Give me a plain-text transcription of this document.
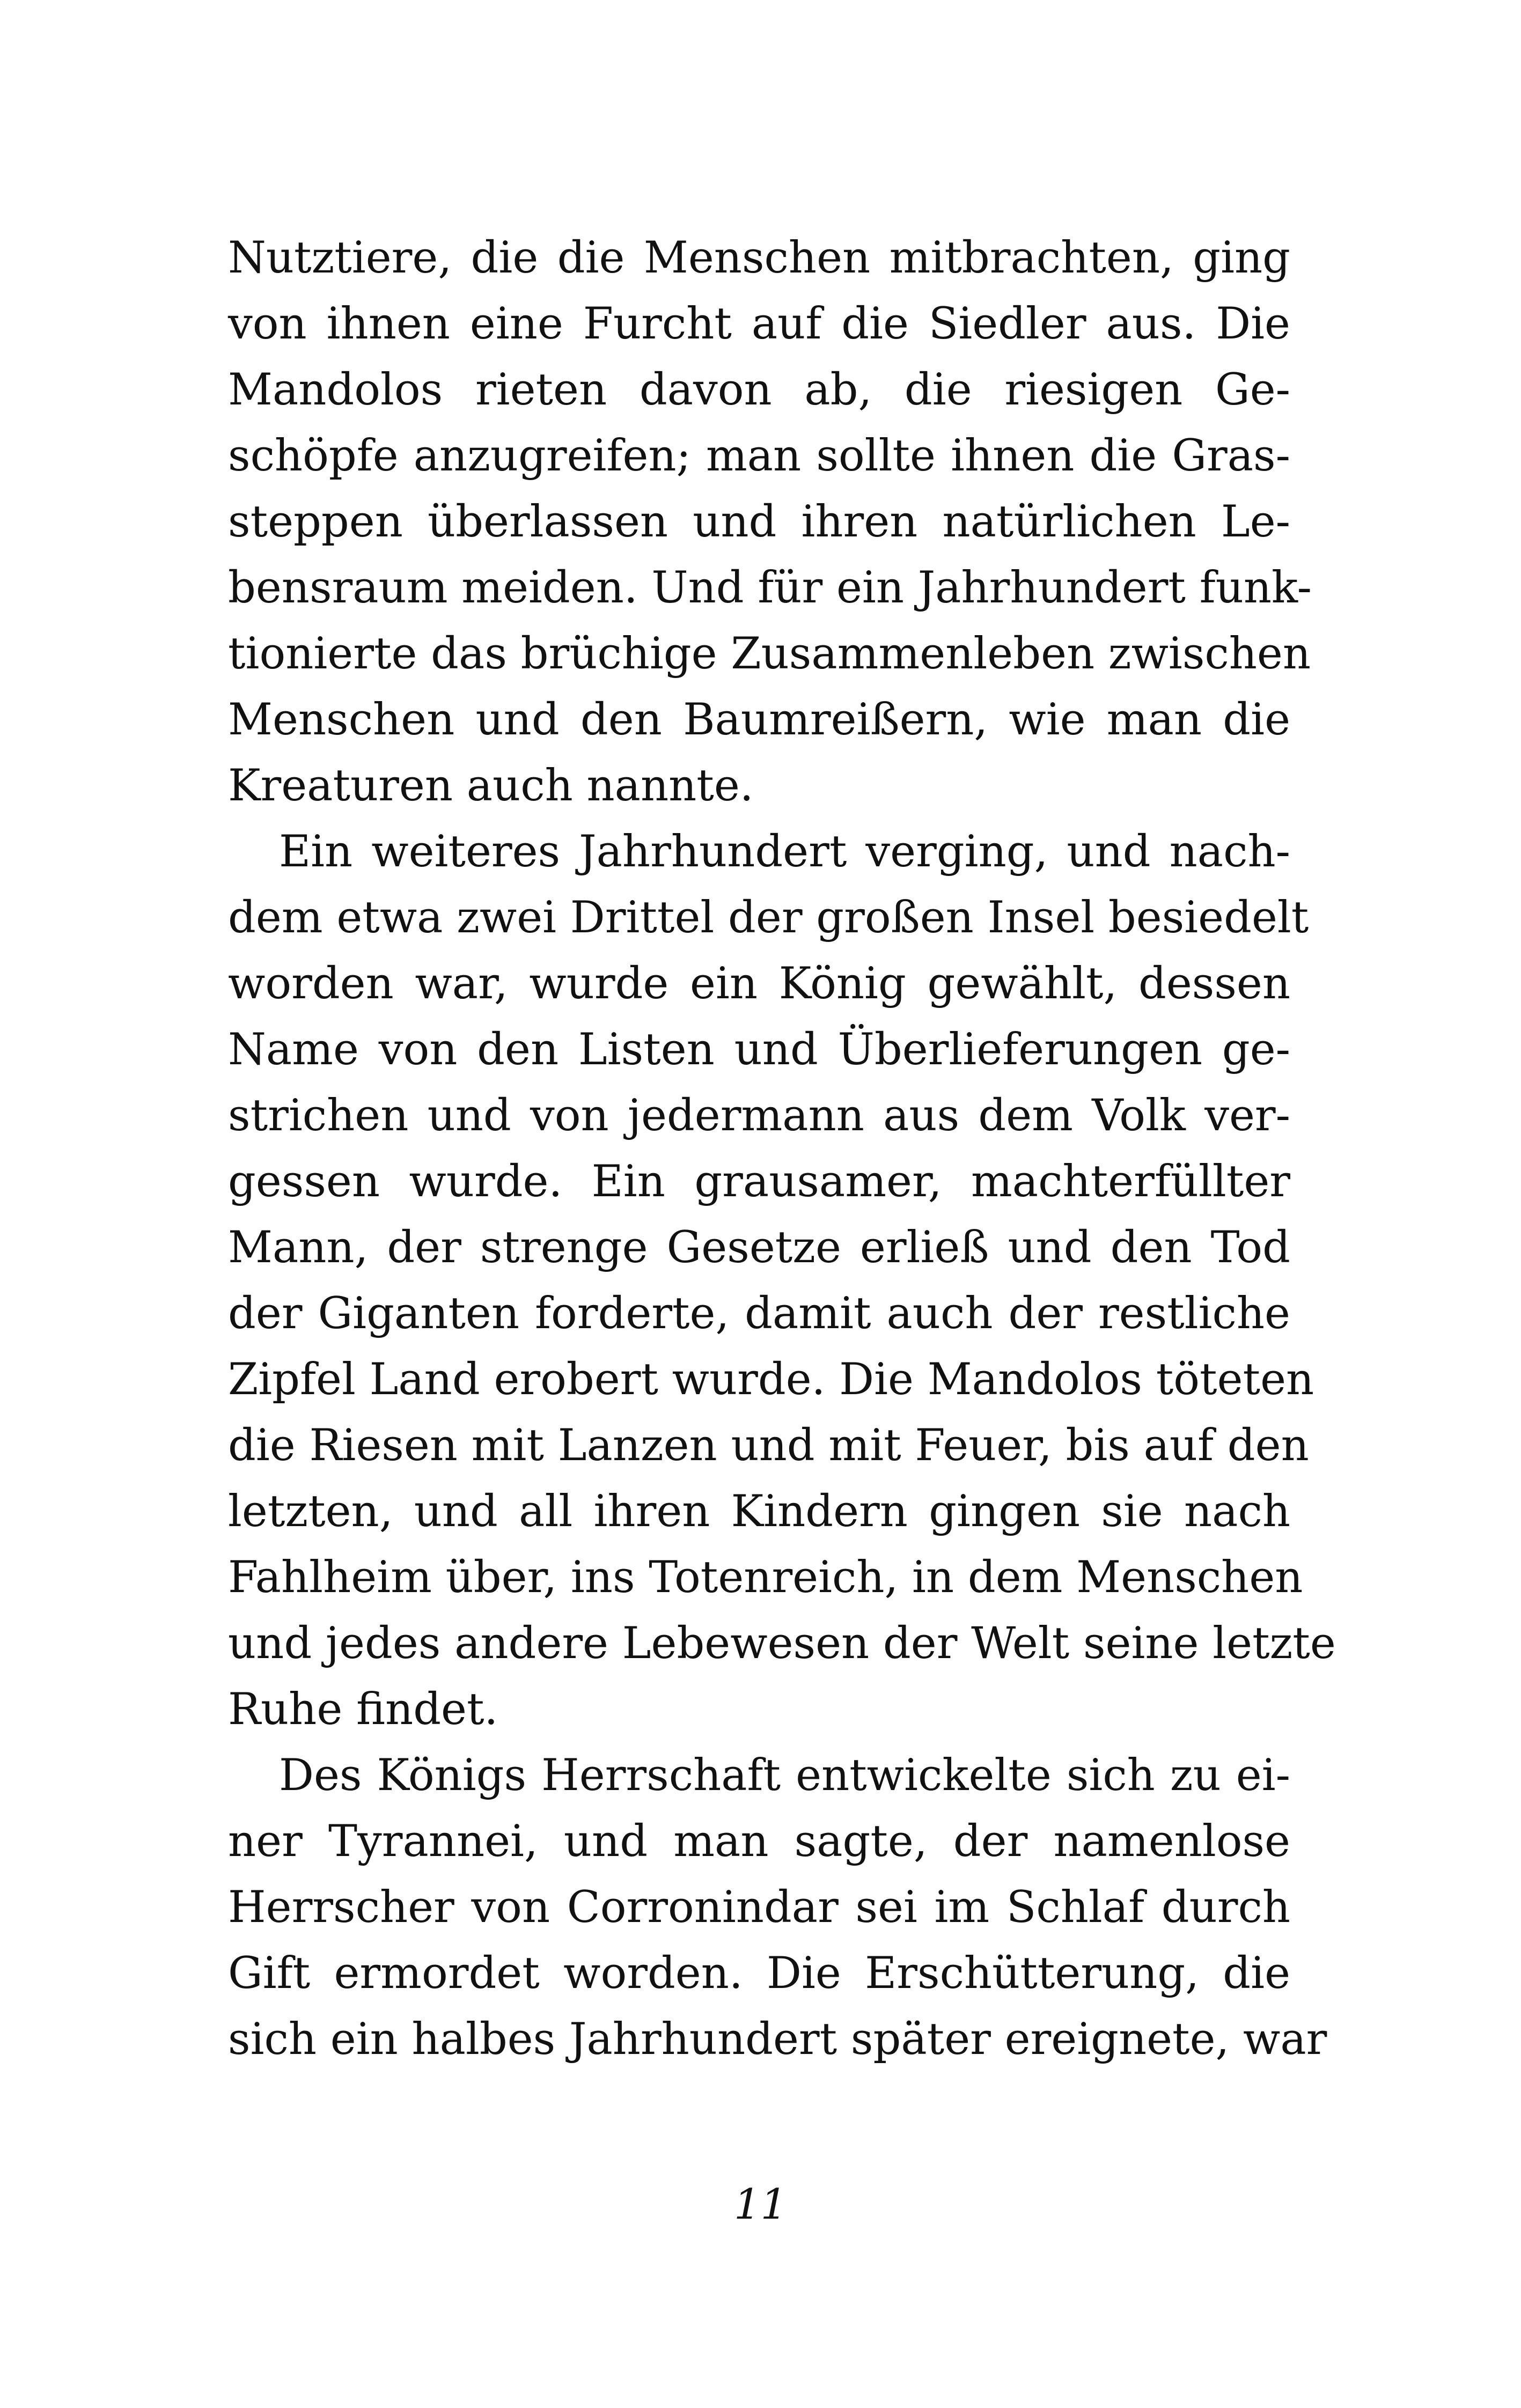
Nutztiere, die die Menschen mitbrachten, ging
von ihnen eine Furcht auf die Siedler aus. Die
Mandolos rieten davon ab, die riesigen Ge-
schöpfe anzugreifen; man sollte ihnen die Gras-
steppen überlassen und ihren natürlichen Le-
bensraum meiden. Und für ein Jahrhundert funk-
tionierte das brüchige Zusammenleben zwischen
Menschen und den Baumreißern, wie man die
Kreaturen auch nannte.
Ein weiteres Jahrhundert verging, und nach-
dem etwa zwei Drittel der großen Insel besiedelt
worden war, wurde ein König gewählt, dessen
Name von den Listen und Überlieferungen ge-
strichen und von jedermann aus dem Volk ver-
gessen wurde. Ein grausamer, machterfüllter
Mann, der strenge Gesetze erließ und den Tod
der Giganten forderte, damit auch der restliche
Zipfel Land erobert wurde. Die Mandolos töteten
die Riesen mit Lanzen und mit Feuer, bis auf den
letzten, und all ihren Kindern gingen sie nach
Fahlheim über, ins Totenreich, in dem Menschen
und jedes andere Lebewesen der Welt seine letzte
Ruhe findet.
Des Königs Herrschaft entwickelte sich zu ei-
ner Tyrannei, und man sagte, der namenlose
Herrscher von Corronindar sei im Schlaf durch
Gift ermordet worden. Die Erschütterung, die
sich ein halbes Jahrhundert später ereignete, war
11
